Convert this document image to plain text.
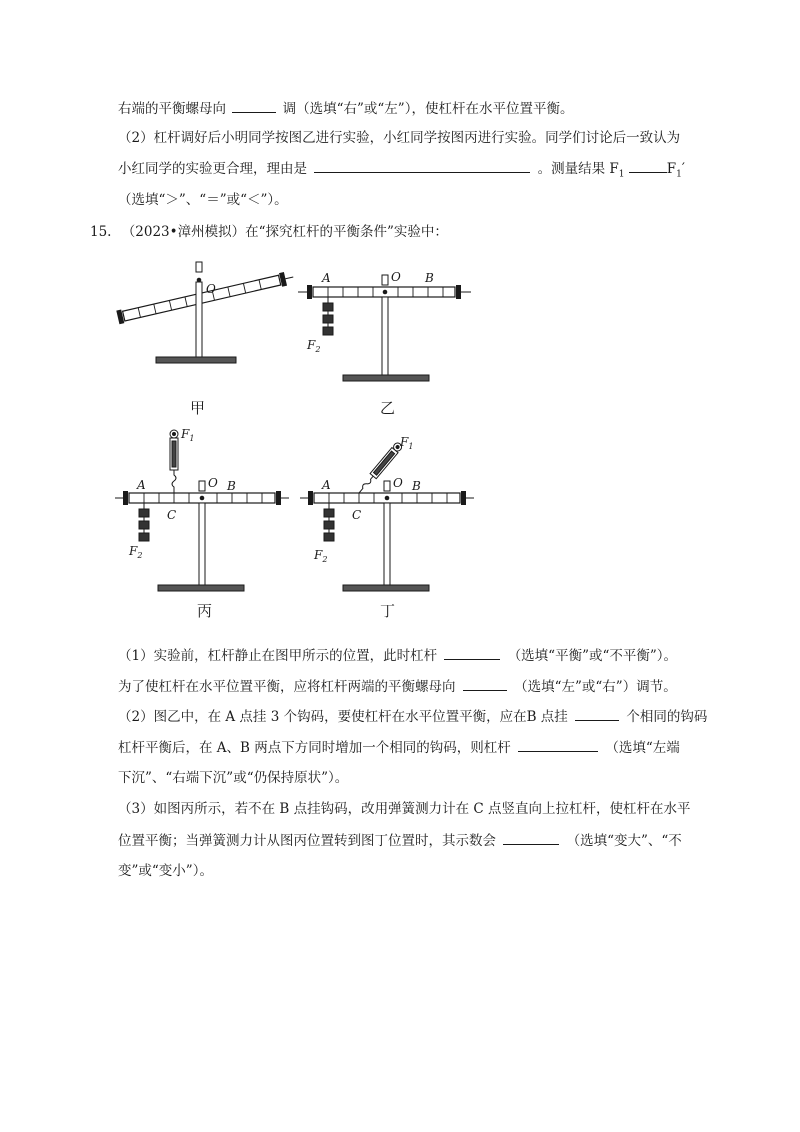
右端的平衡螺母向	调（选填“右”或“左”），使杠杆在水平位置平衡。
（2）杠杆调好后小明同学按图乙进行实验，小红同学按图丙进行实验。同学们讨论后一致认为
小红同学的实验更合理，理由是	。测量结果 $F_1$	$F_1'$
（选填“＞”、“＝”或“＜”）。
15. （2023•漳州模拟）在“探究杠杆的平衡条件”实验中：
O
甲
A	O B
$F_2$
乙
A	O B
C
$F_1$
$F_2$
丙
A	O B
C
$F_1$
$F_2$
丁
（1）实验前，杠杆静止在图甲所示的位置，此时杠杆	（选填“平衡”或“不平衡”）。
为了使杠杆在水平位置平衡，应将杠杆两端的平衡螺母向	（选填“左”或“右”）调节。
（2）图乙中，在 A 点挂 3 个钩码，要使杠杆在水平位置平衡，应在B 点挂	个相同的钩码
杠杆平衡后，在 A、B 两点下方同时增加一个相同的钩码，则杠杆	（选填“左端
下沉”、“右端下沉”或“仍保持原状”）。
（3）如图丙所示，若不在 B 点挂钩码，改用弹簧测力计在 C 点竖直向上拉杠杆，使杠杆在水平
位置平衡；当弹簧测力计从图丙位置转到图丁位置时，其示数会	（选填“变大”、“不
变”或“变小”）。
